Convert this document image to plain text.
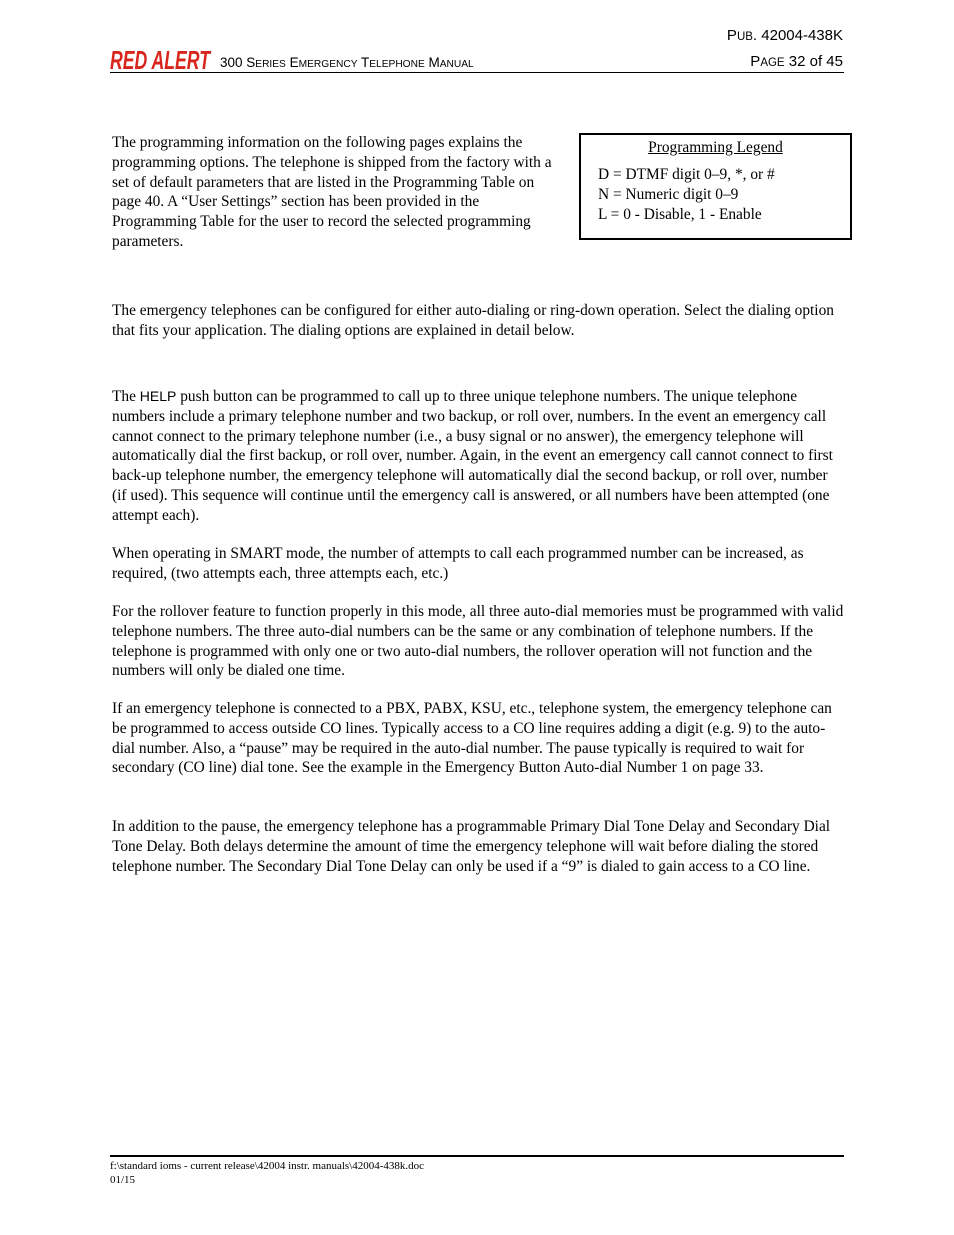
PUB. 42004-438K
RED ALERT 300 SERIES EMERGENCY TELEPHONE MANUAL	PAGE 32 of 45

The programming information on the following pages explains the programming options. The telephone is shipped from the factory with a set of default parameters that are listed in the Programming Table on page 40. A “User Settings” section has been provided in the Programming Table for the user to record the selected programming parameters.

Programming Legend
D = DTMF digit 0–9, *, or #
N = Numeric digit 0–9
L = 0 - Disable, 1 - Enable

The emergency telephones can be configured for either auto-dialing or ring-down operation. Select the dialing option that fits your application. The dialing options are explained in detail below.

The HELP push button can be programmed to call up to three unique telephone numbers. The unique telephone numbers include a primary telephone number and two backup, or roll over, numbers. In the event an emergency call cannot connect to the primary telephone number (i.e., a busy signal or no answer), the emergency telephone will automatically dial the first backup, or roll over, number. Again, in the event an emergency call cannot connect to first back-up telephone number, the emergency telephone will automatically dial the second backup, or roll over, number (if used). This sequence will continue until the emergency call is answered, or all numbers have been attempted (one attempt each).

When operating in SMART mode, the number of attempts to call each programmed number can be increased, as required, (two attempts each, three attempts each, etc.)

For the rollover feature to function properly in this mode, all three auto-dial memories must be programmed with valid telephone numbers. The three auto-dial numbers can be the same or any combination of telephone numbers. If the telephone is programmed with only one or two auto-dial numbers, the rollover operation will not function and the numbers will only be dialed one time.

If an emergency telephone is connected to a PBX, PABX, KSU, etc., telephone system, the emergency telephone can be programmed to access outside CO lines. Typically access to a CO line requires adding a digit (e.g. 9) to the auto-dial number. Also, a “pause” may be required in the auto-dial number. The pause typically is required to wait for secondary (CO line) dial tone. See the example in the Emergency Button Auto-dial Number 1 on page 33.

In addition to the pause, the emergency telephone has a programmable Primary Dial Tone Delay and Secondary Dial Tone Delay. Both delays determine the amount of time the emergency telephone will wait before dialing the stored telephone number. The Secondary Dial Tone Delay can only be used if a “9” is dialed to gain access to a CO line.

f:\standard ioms - current release\42004 instr. manuals\42004-438k.doc
01/15
